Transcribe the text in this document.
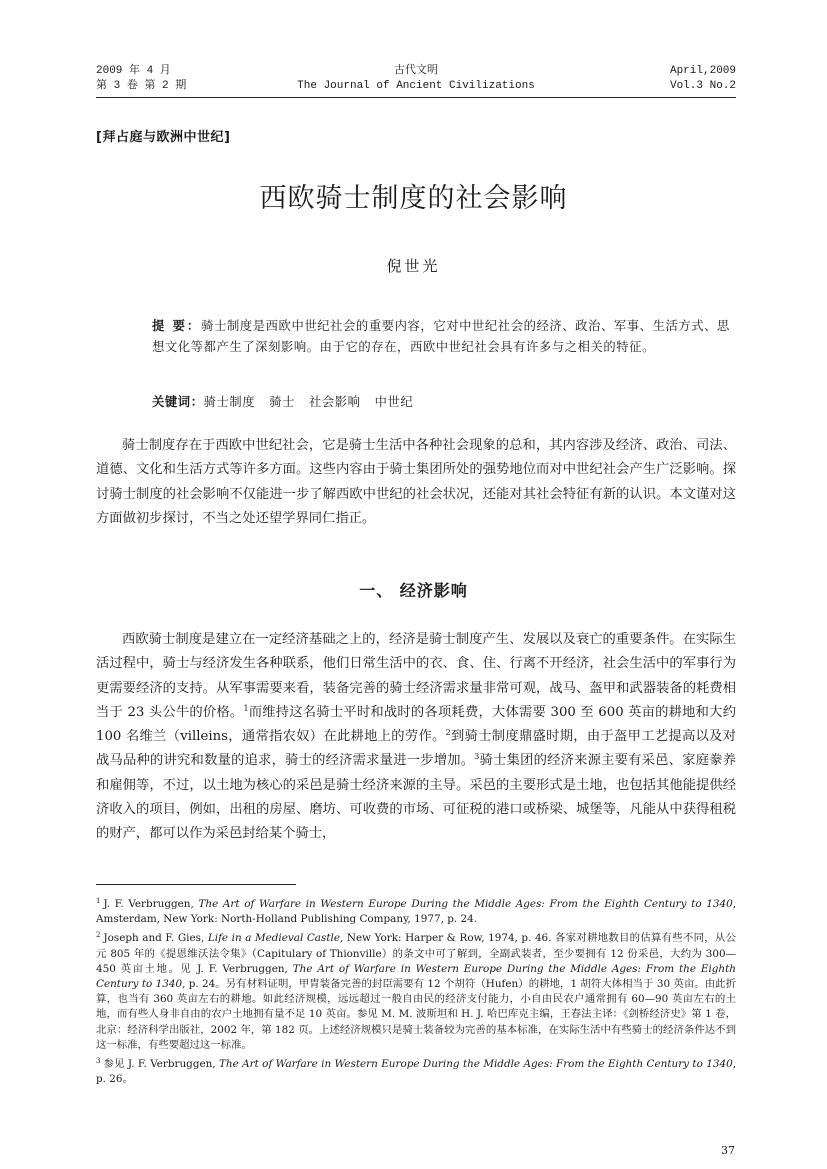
2009 年 4 月
第 3 卷 第 2 期
古代文明
The Journal of Ancient Civilizations
April,2009
Vol.3 No.2
[拜占庭与欧洲中世纪]
西欧骑士制度的社会影响
倪世光
提 要：骑士制度是西欧中世纪社会的重要内容，它对中世纪社会的经济、政治、军事、生活方式、思想文化等都产生了深刻影响。由于它的存在，西欧中世纪社会具有许多与之相关的特征。
关键词：骑士制度 骑士 社会影响 中世纪
骑士制度存在于西欧中世纪社会，它是骑士生活中各种社会现象的总和，其内容涉及经济、政治、司法、道德、文化和生活方式等许多方面。这些内容由于骑士集团所处的强势地位而对中世纪社会产生广泛影响。探讨骑士制度的社会影响不仅能进一步了解西欧中世纪的社会状况，还能对其社会特征有新的认识。本文谨对这方面做初步探讨，不当之处还望学界同仁指正。
一、 经济影响
西欧骑士制度是建立在一定经济基础之上的，经济是骑士制度产生、发展以及衰亡的重要条件。在实际生活过程中，骑士与经济发生各种联系，他们日常生活中的衣、食、住、行离不开经济，社会生活中的军事行为更需要经济的支持。从军事需要来看，装备完善的骑士经济需求量非常可观，战马、盔甲和武器装备的耗费相当于 23 头公牛的价格。$^1$而维持这名骑士平时和战时的各项耗费，大体需要 300 至 600 英亩的耕地和大约 100 名维兰（villeins，通常指农奴）在此耕地上的劳作。$^2$到骑士制度鼎盛时期，由于盔甲工艺提高以及对战马品种的讲究和数量的追求，骑士的经济需求量进一步增加。$^3$骑士集团的经济来源主要有采邑、家庭豢养和雇佣等，不过，以土地为核心的采邑是骑士经济来源的主导。采邑的主要形式是土地，也包括其他能提供经济收入的项目，例如，出租的房屋、磨坊、可收费的市场、可征税的港口或桥梁、城堡等，凡能从中获得租税的财产，都可以作为采邑封给某个骑士，
$^1$ J. F. Verbruggen, The Art of Warfare in Western Europe During the Middle Ages: From the Eighth Century to 1340, Amsterdam, New York: North-Holland Publishing Company, 1977, p. 24.
$^2$ Joseph and F. Gies, Life in a Medieval Castle, New York: Harper & Row, 1974, p. 46. 各家对耕地数目的估算有些不同，从公元 805 年的《提恩维沃法令集》（Capitulary of Thionville）的条文中可了解到，全副武装者，至少要拥有 12 份采邑，大约为 300—450 英亩土地。见 J. F. Verbruggen, The Art of Warfare in Western Europe During the Middle Ages: From the Eighth Century to 1340, p. 24。另有材料证明，甲胄装备完善的封臣需要有 12 个胡符（Hufen）的耕地，1 胡符大体相当于 30 英亩。由此折算，也当有 360 英亩左右的耕地。如此经济规模，远远超过一般自由民的经济支付能力，小自由民农户通常拥有 60—90 英亩左右的土地，而有些人身非自由的农户土地拥有量不足 10 英亩。参见 M. M. 波斯坦和 H. J. 哈巴库克主编，王春法主译：《剑桥经济史》第 1 卷，北京：经济科学出版社，2002 年，第 182 页。上述经济规模只是骑士装备较为完善的基本标准，在实际生活中有些骑士的经济条件达不到这一标准，有些要超过这一标准。
$^3$ 参见 J. F. Verbruggen, The Art of Warfare in Western Europe During the Middle Ages: From the Eighth Century to 1340, p. 26。
37
